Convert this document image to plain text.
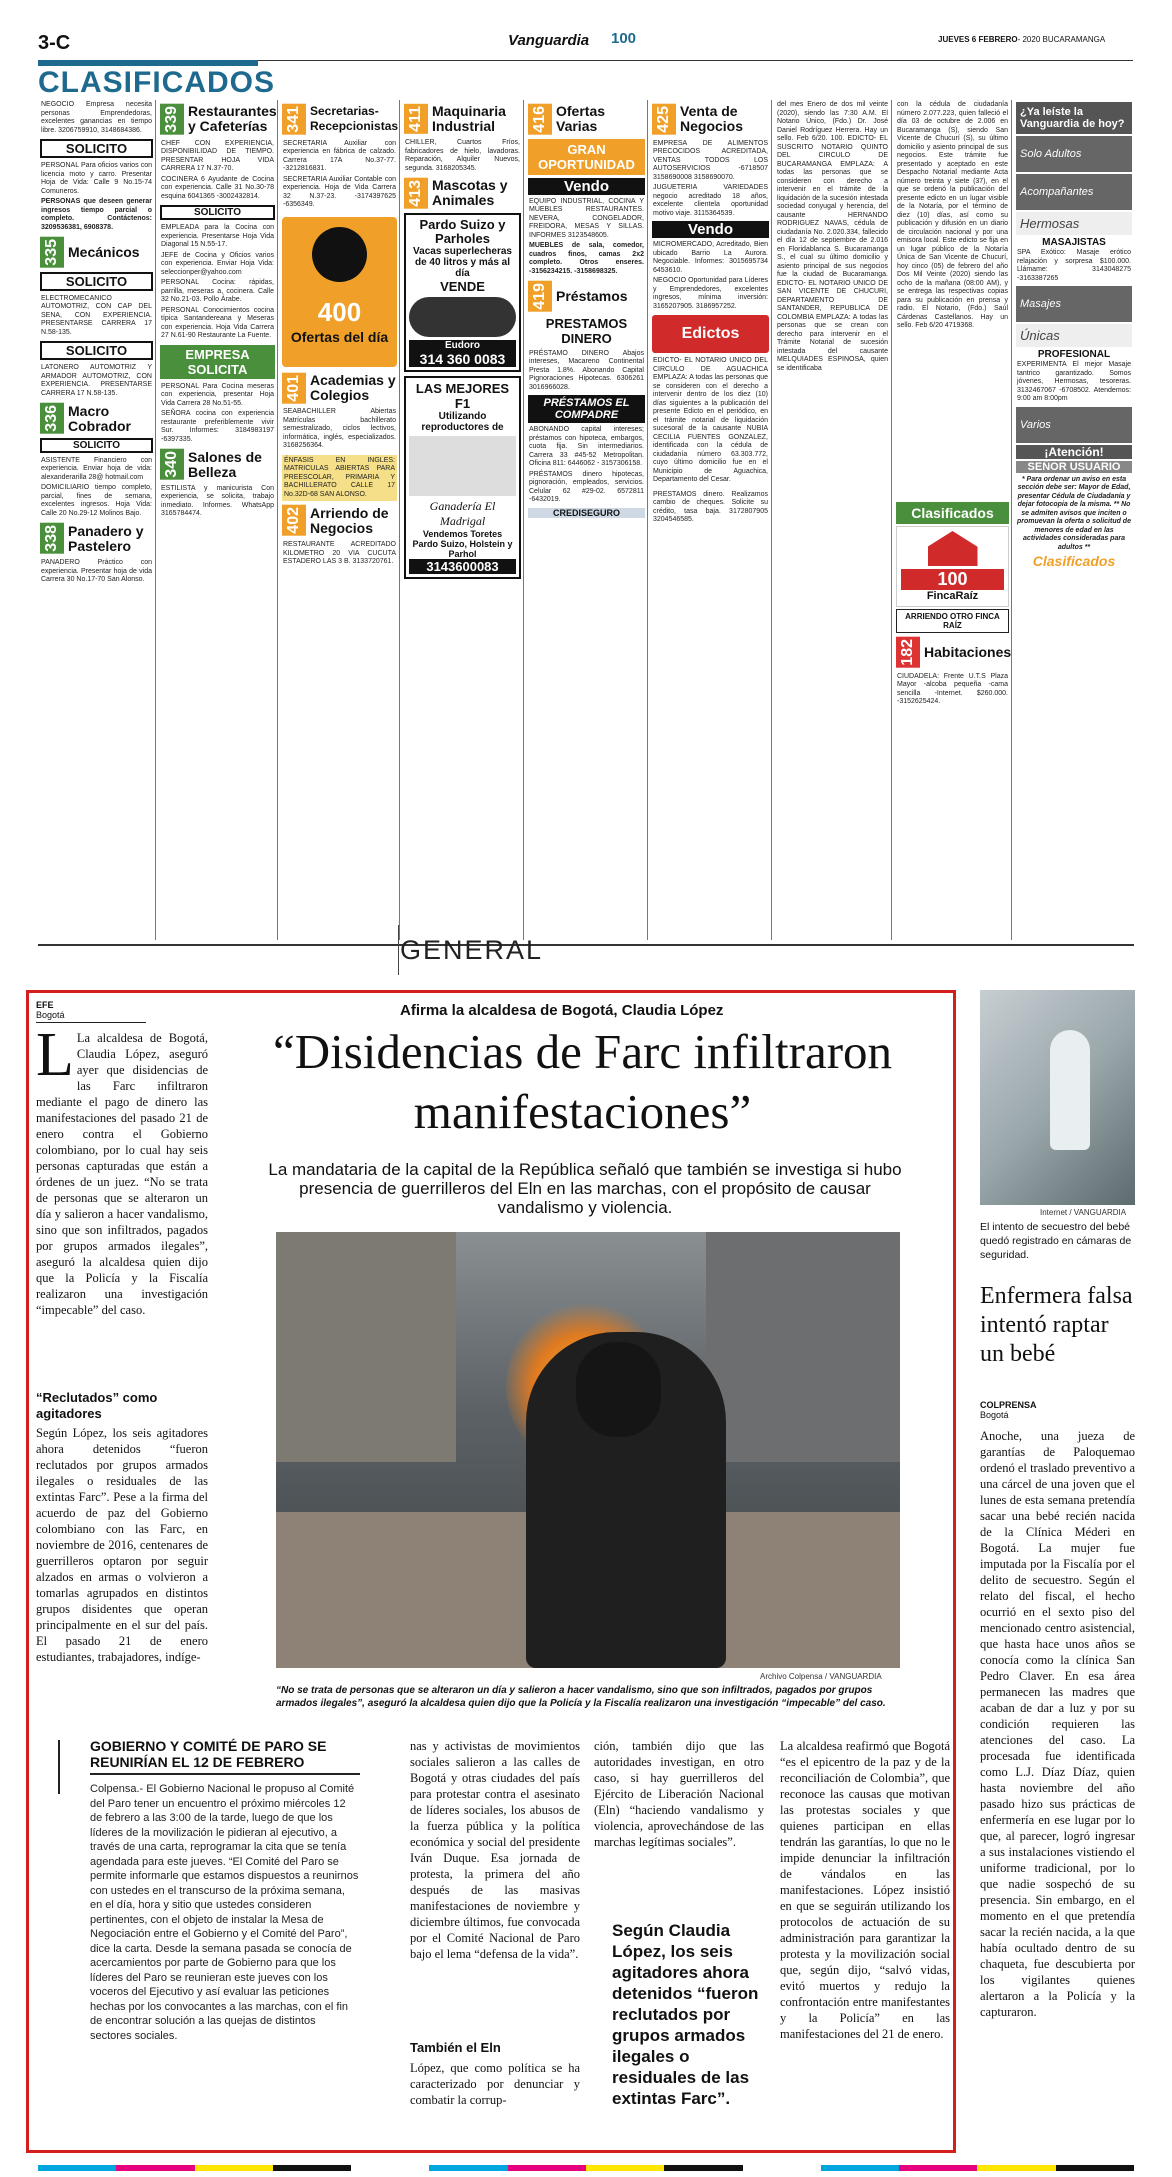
3-C
CLASIFICADOS
Vanguardia 100	JUEVES 6 FEBRERO- 2020 BUCARAMANGA
NEGOCIO Empresa necesita personas Emprendedoras, excelentes ganancias en tiempo libre. 3206759910, 3148684386.
SOLICITO
PERSONAL Para oficios varios con licencia moto y carro. Presentar Hoja de Vida: Calle 9 No.15-74 Comuneros.
PERSONAS que deseen generar ingresos tiempo parcial o completo. Contáctenos: 3209536381, 6908378.
335 Mecánicos
SOLICITO
ELECTROMECANICO AUTOMOTRIZ, CON CAP DEL SENA, CON EXPERIENCIA. PRESENTARSE CARRERA 17 N.58-135.
SOLICITO
LATONERO AUTOMOTRIZ Y ARMADOR AUTOMOTRIZ, CON EXPERIENCIA. PRESENTARSE CARRERA 17 N.58-135.
336 Macro Cobrador
SOLICITO
ASISTENTE Financiero con experiencia. Enviar hoja de vida: alexanderarilla 28@ hotmail.com
DOMICILIARIO tiempo completo, parcial, fines de semana, excelentes ingresos. Hoja Vida: Calle 20 No.29-12 Molinos Bajo.
338 Panadero y Pastelero
PANADERO Práctico con experiencia. Presentar hoja de vida Carrera 30 No.17-70 San Alonso.
339 Restaurantes y Cafeterías
CHEF CON EXPERIENCIA, DISPONIBILIDAD DE TIEMPO. PRESENTAR HOJA VIDA CARRERA 17 N.37-70.
COCINERA 6 Ayudante de Cocina con experiencia. Calle 31 No.30-78 esquina 6041365 -3002432814.
SOLICITO
EMPLEADA para la Cocina con experiencia. Presentarse Hoja Vida Diagonal 15 N.55-17.
JEFE de Cocina y Oficios varios con experiencia. Enviar Hoja Vida: seleccionper@yahoo.com
PERSONAL Cocina: rápidas, parrilla, meseras a, cocinera. Calle 32 No.21-03. Pollo Árabe.
PERSONAL Conocimientos cocina típica Santandereana y Meseras con experiencia. Hoja Vida Carrera 27 N.61-90 Restaurante La Fuente.
EMPRESA SOLICITA
PERSONAL Para Cocina meseras con experiencia, presentar Hoja Vida Carrera 28 No.51-55.
SEÑORA cocina con experiencia restaurante preferiblemente vivir Sur. Informes: 3184983197 -6397335.
340 Salones de Belleza
ESTILISTA y manicurista Con experiencia, se solicita, trabajo inmediato. Informes. WhatsApp 3165784474.
341 Secretarias-Recepcionistas
SECRETARIA Auxiliar con experiencia en fábrica de calzado. Carrera 17A No.37-77. -3212816831.
SECRETARIA Auxiliar Contable con experiencia. Hoja de Vida Carrera 32 N.37-23. -3174397625 -6356349.
400
Ofertas del día
401 Academias y Colegios
SEABACHILLER Abiertas Matrículas bachillerato semestralizado, ciclos lectivos, informática, inglés, especializados. 3168256364.
ÉNFASIS EN INGLES: MATRICULAS ABIERTAS PARA PREESCOLAR, PRIMARIA Y BACHILLERATO CALLE 17 No.32D-68 SAN ALONSO.
402 Arriendo de Negocios
RESTAURANTE ACREDITADO KILOMETRO 20 VIA CUCUTA ESTADERO LAS 3 B. 3133720761.
411 Maquinaria Industrial
CHILLER, Cuartos Fríos, fabricadores de hielo, lavadoras. Reparación, Alquiler Nuevos, segunda. 3168205345.
413 Mascotas y Animales
Pardo Suizo y Parholes
Vacas superlecheras de 40 litros y más al día
VENDE
Eudoro
314 360 0083
LAS MEJORES F1
Utilizando reproductores de
Ganadería El Madrigal
Vendemos Toretes Pardo Suizo, Holstein y Parhol
3143600083
416 Ofertas Varias
GRAN OPORTUNIDAD
Vendo
EQUIPO INDUSTRIAL, COCINA Y MUEBLES RESTAURANTES. NEVERA, CONGELADOR, FREIDORA, MESAS Y SILLAS. INFORMES 3123548605.
MUEBLES de sala, comedor, cuadros finos, camas 2x2 completo. Otros enseres. -3156234215. -3158698325.
419 Préstamos
PRESTAMOS DINERO
PRÉSTAMO DINERO Abajos intereses, Macareno Continental Presta 1.8%. Abonando Capital Pignoraciones Hipotecas. 6306261 3016966028.
PRÉSTAMOS EL COMPADRE
ABONANDO capital intereses; préstamos con hipoteca, embargos, cuota fija. Sin intermediarios. Carrera 33 #45-52 Metropolitan. Oficina 811: 6446062 - 3157306158.
PRÉSTAMOS dinero hipotecas, pignoración, empleados, servicios. Celular 62 #29-02. 6572811 -6432019.
CREDISEGURO
425 Venta de Negocios
EMPRESA DE ALIMENTOS PRECOCIDOS ACREDITADA, VENTAS TODOS LOS AUTOSERVICIOS -6718507 3158690008 3158690070.
JUGUETERIA VARIEDADES negocio acreditado 18 años, excelente clientela oportunidad motivo viaje. 3115364539.
Vendo
MICROMERCADO, Acreditado, Bien ubicado Barrio La Aurora. Negociable. Informes: 3015695734 6453610.
NEGOCIO Oportunidad para Líderes y Emprendedores, excelentes ingresos, mínima inversión: 3165207905. 3186957252.
Edictos
EDICTO- EL NOTARIO UNICO DEL CIRCULO DE AGUACHICA EMPLAZA: A todas las personas que se consideren con el derecho a intervenir dentro de los diez (10) días siguientes a la publicación del presente Edicto en el periódico, en el trámite notarial de liquidación sucesoral de la causante NUBIA CECILIA FUENTES GONZALEZ, identificada con la cédula de ciudadanía número 63.303.772, cuyo último domicilio fue en el Municipio de Aguachica, Departamento del Cesar.
PRESTAMOS dinero. Realizamos cambio de cheques. Solicite su crédito, tasa baja. 3172807905 3204546585.
del mes Enero de dos mil veinte (2020), siendo las 7:30 A.M. El Notario Único, (Fdo.) Dr. José Daniel Rodríguez Herrera. Hay un sello. Feb 6/20. 100. EDICTO- EL SUSCRITO NOTARIO QUINTO DEL CIRCULO DE BUCARAMANGA EMPLAZA: A todas las personas que se consideren con derecho a intervenir en el trámite de la liquidación de la sucesión intestada sociedad conyugal y herencia, del causante HERNANDO RODRIGUEZ NAVAS, cédula de ciudadanía No. 2.020.334, fallecido el día 12 de septiembre de 2.016 en Floridablanca S. Bucaramanga S., el cual su último domicilio y asiento principal de sus negocios fue la ciudad de Bucaramanga. EDICTO- EL NOTARIO UNICO DE SAN VICENTE DE CHUCURI, DEPARTAMENTO DE SANTANDER, REPUBLICA DE COLOMBIA EMPLAZA: A todas las personas que se crean con derecho para intervenir en el Trámite Notarial de sucesión intestada del causante MELQUIADES ESPINOSA, quien se identificaba
con la cédula de ciudadanía número 2.077.223, quien falleció el día 03 de octubre de 2.006 en Bucaramanga (S), siendo San Vicente de Chucurí (S), su último domicilio y asiento principal de sus negocios. Este trámite fue presentado y aceptado en este Despacho Notarial mediante Acta número treinta y siete (37), en el que se ordenó la publicación del presente edicto en un lugar visible de la Notaría, por el término de diez (10) días, así como su publicación y difusión en un diario de circulación nacional y por una emisora local. Este edicto se fija en un lugar público de la Notaría Única de San Vicente de Chucurí, hoy cinco (05) de febrero del año Dos Mil Veinte (2020) siendo las ocho de la mañana (08:00 AM), y se entrega las respectivas copias para su publicación en prensa y radio. El Notario, (Fdo.) Saúl Cárdenas Castellanos. Hay un sello. Feb 6/20 4719368.
Clasificados
100
FincaRaíz
ARRIENDO OTRO FINCA RAÍZ
182 Habitaciones
CIUDADELA: Frente U.T.S Plaza Mayor -alcoba pequeña -cama sencilla -Internet. $260.000. -3152625424.
¿Ya leíste la Vanguardia de hoy?
Solo Adultos
Acompañantes
Hermosas
MASAJISTAS
SPA Exótico: Masaje erótico relajación y sorpresa $100.000. Llámame: 3143048275 -3163387265
Masajes
Únicas
PROFESIONAL
EXPERIMENTA El mejor Masaje tantrico garantizado. Somos jóvenes, Hermosas, tesoreras. 3132467067 -6708502. Atendemos: 9:00 am 8:00pm
Varios
¡Atención!
SEÑOR USUARIO
* Para ordenar un aviso en esta sección debe ser: Mayor de Edad, presentar Cédula de Ciudadanía y dejar fotocopia de la misma. ** No se admiten avisos que inciten o promuevan la oferta o solicitud de menores de edad en las actividades consideradas para adultos **
Clasificados
GENERAL
EFE
Bogotá	Afirma la alcaldesa de Bogotá, Claudia López
“Disidencias de Farc infiltraron manifestaciones”
La mandataria de la capital de la República señaló que también se investiga si hubo presencia de guerrilleros del Eln en las marchas, con el propósito de causar vandalismo y violencia.
L La alcaldesa de Bogotá, Claudia López, aseguró ayer que disidencias de las Farc infiltraron mediante el pago de dinero las manifestaciones del pasado 21 de enero contra el Gobierno colombiano, por lo cual hay seis personas capturadas que están a órdenes de un juez. “No se trata de personas que se alteraron un día y salieron a hacer vandalismo, sino que son infiltrados, pagados por grupos armados ilegales”, aseguró la alcaldesa quien dijo que la Policía y la Fiscalía realizaron una investigación “impecable” del caso.
“Reclutados” como agitadores
Según López, los seis agitadores ahora detenidos “fueron reclutados por grupos armados ilegales o residuales de las extintas Farc”. Pese a la firma del acuerdo de paz del Gobierno colombiano con las Farc, en noviembre de 2016, centenares de guerrilleros optaron por seguir alzados en armas o volvieron a tomarlas agrupados en distintos grupos disidentes que operan principalmente en el sur del país. El pasado 21 de enero estudiantes, trabajadores, indíge-
Archivo Colpensa / VANGUARDIA
“No se trata de personas que se alteraron un día y salieron a hacer vandalismo, sino que son infiltrados, pagados por grupos armados ilegales”, aseguró la alcaldesa quien dijo que la Policía y la Fiscalía realizaron una investigación “impecable” del caso.
GOBIERNO Y COMITÉ DE PARO SE REUNIRÍAN EL 12 DE FEBRERO
Colpensa.- El Gobierno Nacional le propuso al Comité del Paro tener un encuentro el próximo miércoles 12 de febrero a las 3:00 de la tarde, luego de que los líderes de la movilización le pidieran al ejecutivo, a través de una carta, reprogramar la cita que se tenía agendada para este jueves. “El Comité del Paro se permite informarle que estamos dispuestos a reunirnos con ustedes en el transcurso de la próxima semana, en el día, hora y sitio que ustedes consideren pertinentes, con el objeto de instalar la Mesa de Negociación entre el Gobierno y el Comité del Paro”, dice la carta. Desde la semana pasada se conocía de acercamientos por parte de Gobierno para que los líderes del Paro se reunieran este jueves con los voceros del Ejecutivo y así evaluar las peticiones hechas por los convocantes a las marchas, con el fin de encontrar solución a las quejas de distintos sectores sociales.
nas y activistas de movimientos sociales salieron a las calles de Bogotá y otras ciudades del país para protestar contra el asesinato de líderes sociales, los abusos de la fuerza pública y la política económica y social del presidente Iván Duque. Esa jornada de protesta, la primera del año después de las masivas manifestaciones de noviembre y diciembre últimos, fue convocada por el Comité Nacional de Paro bajo el lema “defensa de la vida”.
También el Eln
López, que como política se ha caracterizado por denunciar y combatir la corrup-
ción, también dijo que las autoridades investigan, en otro caso, si hay guerrilleros del Ejército de Liberación Nacional (Eln) “haciendo vandalismo y violencia, aprovechándose de las marchas legítimas sociales”.
Según Claudia López, los seis agitadores ahora detenidos “fueron reclutados por grupos armados ilegales o residuales de las extintas Farc”.
La alcaldesa reafirmó que Bogotá “es el epicentro de la paz y de la reconciliación de Colombia”, que reconoce las causas que motivan las protestas sociales y que quienes participan en ellas tendrán las garantías, lo que no le impide denunciar la infiltración de vándalos en las manifestaciones. López insistió en que se seguirán utilizando los protocolos de actuación de su administración para garantizar la protesta y la movilización social que, según dijo, “salvó vidas, evitó muertos y redujo la confrontación entre manifestantes y la Policía” en las manifestaciones del 21 de enero.
Internet / VANGUARDIA
El intento de secuestro del bebé quedó registrado en cámaras de seguridad.
Enfermera falsa intentó raptar un bebé
COLPRENSA
Bogotá
Anoche, una jueza de garantías de Paloquemao ordenó el traslado preventivo a una cárcel de una joven que el lunes de esta semana pretendía sacar una bebé recién nacida de la Clínica Méderi en Bogotá. La mujer fue imputada por la Fiscalía por el delito de secuestro. Según el relato del fiscal, el hecho ocurrió en el sexto piso del mencionado centro asistencial, que hasta hace unos años se conocía como la clínica San Pedro Claver. En esa área permanecen las madres que acaban de dar a luz y por su condición requieren las atenciones del caso. La procesada fue identificada como L.J. Díaz Díaz, quien hasta noviembre del año pasado hizo sus prácticas de enfermería en ese lugar por lo que, al parecer, logró ingresar a sus instalaciones vistiendo el uniforme tradicional, por lo que nadie sospechó de su presencia. Sin embargo, en el momento en el que pretendía sacar la recién nacida, a la que había ocultado dentro de su chaqueta, fue descubierta por los vigilantes quienes alertaron a la Policía y la capturaron.
